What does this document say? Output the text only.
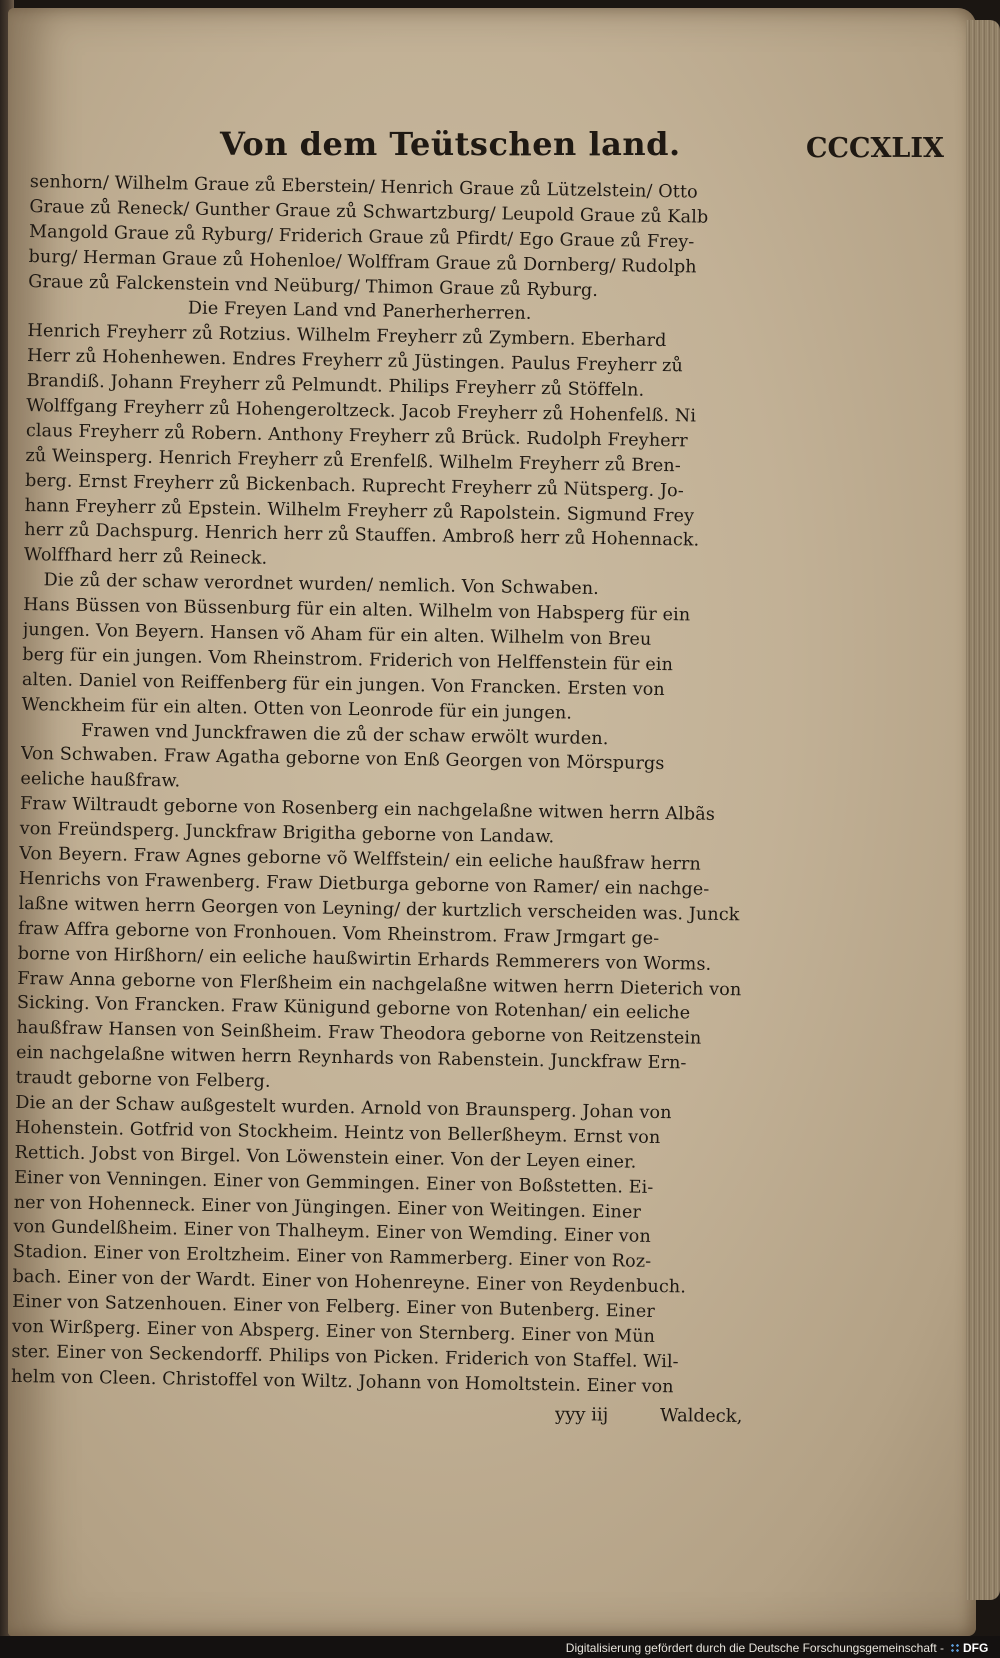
Von dem Teütschen land.	CCCXLIX
senhorn/ Wilhelm Graue zů Eberstein/ Henrich Graue zů Lützelstein/ Otto
Graue zů Reneck/ Gunther Graue zů Schwartzburg/ Leupold Graue zů Kalb
Mangold Graue zů Ryburg/ Friderich Graue zů Pfirdt/ Ego Graue zů Frey-
burg/ Herman Graue zů Hohenloe/ Wolffram Graue zů Dornberg/ Rudolph
Graue zů Falckenstein vnd Neüburg/ Thimon Graue zů Ryburg.
Die Freyen Land vnd Panerherherren.
Henrich Freyherr zů Rotzius. Wilhelm Freyherr zů Zymbern. Eberhard
Herr zů Hohenhewen. Endres Freyherr zů Jüstingen. Paulus Freyherr zů
Brandiß. Johann Freyherr zů Pelmundt. Philips Freyherr zů Stöffeln.
Wolffgang Freyherr zů Hohengeroltzeck. Jacob Freyherr zů Hohenfelß. Ni
claus Freyherr zů Robern. Anthony Freyherr zů Brück. Rudolph Freyherr
zů Weinsperg. Henrich Freyherr zů Erenfelß. Wilhelm Freyherr zů Bren-
berg. Ernst Freyherr zů Bickenbach. Ruprecht Freyherr zů Nütsperg. Jo-
hann Freyherr zů Epstein. Wilhelm Freyherr zů Rapolstein. Sigmund Frey
herr zů Dachspurg. Henrich herr zů Stauffen. Ambroß herr zů Hohennack.
Wolffhard herr zů Reineck.
Die zů der schaw verordnet wurden/ nemlich. Von Schwaben.
Hans Büssen von Büssenburg für ein alten. Wilhelm von Habsperg für ein
jungen. Von Beyern. Hansen võ Aham für ein alten. Wilhelm von Breu
berg für ein jungen. Vom Rheinstrom. Friderich von Helffenstein für ein
alten. Daniel von Reiffenberg für ein jungen. Von Francken. Ersten von
Wenckheim für ein alten. Otten von Leonrode für ein jungen.
Frawen vnd Junckfrawen die zů der schaw erwölt wurden.
Von Schwaben. Fraw Agatha geborne von Enß Georgen von Mörspurgs
eeliche haußfraw.
Fraw Wiltraudt geborne von Rosenberg ein nachgelaßne witwen herrn Albãs
von Freündsperg. Junckfraw Brigitha geborne von Landaw.
Von Beyern. Fraw Agnes geborne võ Welffstein/ ein eeliche haußfraw herrn
Henrichs von Frawenberg. Fraw Dietburga geborne von Ramer/ ein nachge-
laßne witwen herrn Georgen von Leyning/ der kurtzlich verscheiden was. Junck
fraw Affra geborne von Fronhouen. Vom Rheinstrom. Fraw Jrmgart ge-
borne von Hirßhorn/ ein eeliche haußwirtin Erhards Remmerers von Worms.
Fraw Anna geborne von Flerßheim ein nachgelaßne witwen herrn Dieterich von
Sicking. Von Francken. Fraw Künigund geborne von Rotenhan/ ein eeliche
haußfraw Hansen von Seinßheim. Fraw Theodora geborne von Reitzenstein
ein nachgelaßne witwen herrn Reynhards von Rabenstein. Junckfraw Ern-
traudt geborne von Felberg.
Die an der Schaw außgestelt wurden. Arnold von Braunsperg. Johan von
Hohenstein. Gotfrid von Stockheim. Heintz von Bellerßheym. Ernst von
Rettich. Jobst von Birgel. Von Löwenstein einer. Von der Leyen einer.
Einer von Venningen. Einer von Gemmingen. Einer von Boßstetten. Ei-
ner von Hohenneck. Einer von Jüngingen. Einer von Weitingen. Einer
von Gundelßheim. Einer von Thalheym. Einer von Wemding. Einer von
Stadion. Einer von Eroltzheim. Einer von Rammerberg. Einer von Roz-
bach. Einer von der Wardt. Einer von Hohenreyne. Einer von Reydenbuch.
Einer von Satzenhouen. Einer von Felberg. Einer von Butenberg. Einer
von Wirßperg. Einer von Absperg. Einer von Sternberg. Einer von Mün
ster. Einer von Seckendorff. Philips von Picken. Friderich von Staffel. Wil-
helm von Cleen. Christoffel von Wiltz. Johann von Homoltstein. Einer von
yyy iij	Waldeck,
Digitalisierung gefördert durch die Deutsche Forschungsgemeinschaft - DFG
